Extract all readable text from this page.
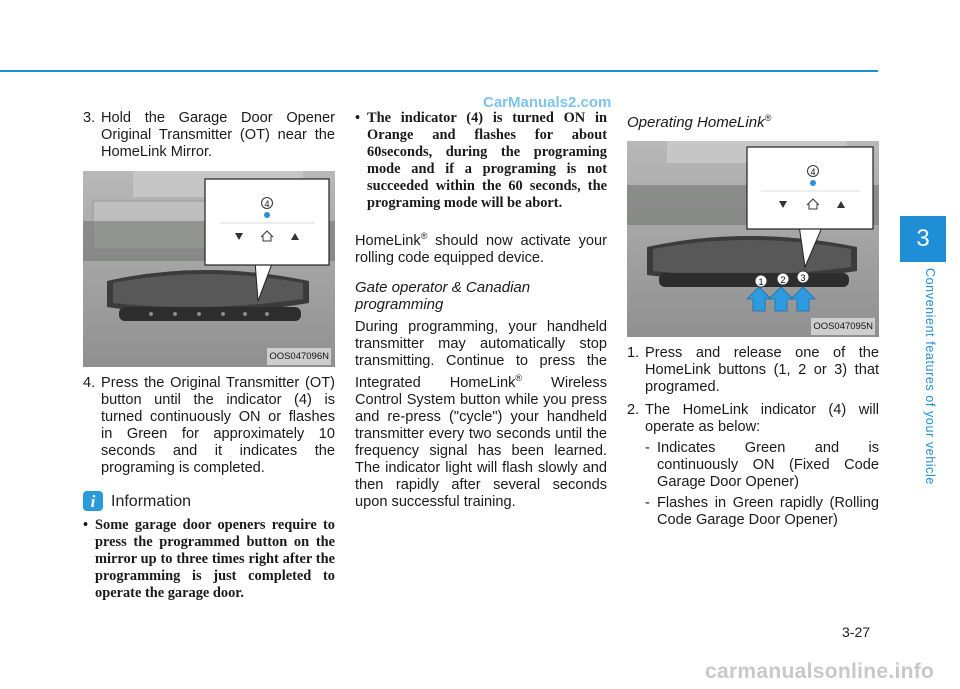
CarManuals2.com
3. Hold the Garage Door Opener Original Transmitter (OT) near the HomeLink Mirror.
4
OOS047096N
4. Press the Original Transmitter (OT) button until the indicator (4) is turned continuously ON or flashes in Green for approximately 10 seconds and it indicates the programing is completed.
i Information
• Some garage door openers require to press the programmed button on the mirror up to three times right after the programming is just completed to operate the garage door.
• The indicator (4) is turned ON in Orange and flashes for about 60seconds, during the programing mode and if a programing is not succeeded within the 60 seconds, the programing mode will be abort.

HomeLink® should now activate your rolling code equipped device.

Gate operator & Canadian programming

During programming, your handheld transmitter may automatically stop transmitting. Continue to press the Integrated HomeLink® Wireless Control System button while you press and re-press ("cycle") your handheld transmitter every two seconds until the frequency signal has been learned. The indicator light will flash slowly and then rapidly after several seconds upon successful training.

Operating HomeLink®
4
1 2 3
OOS047095N
1. Press and release one of the HomeLink buttons (1, 2 or 3) that programed.
2. The HomeLink indicator (4) will operate as below:
- Indicates Green and is continuously ON (Fixed Code Garage Door Opener)
- Flashes in Green rapidly (Rolling Code Garage Door Opener)
3
Convenient features of your vehicle
3-27
carmanualsonline.info
